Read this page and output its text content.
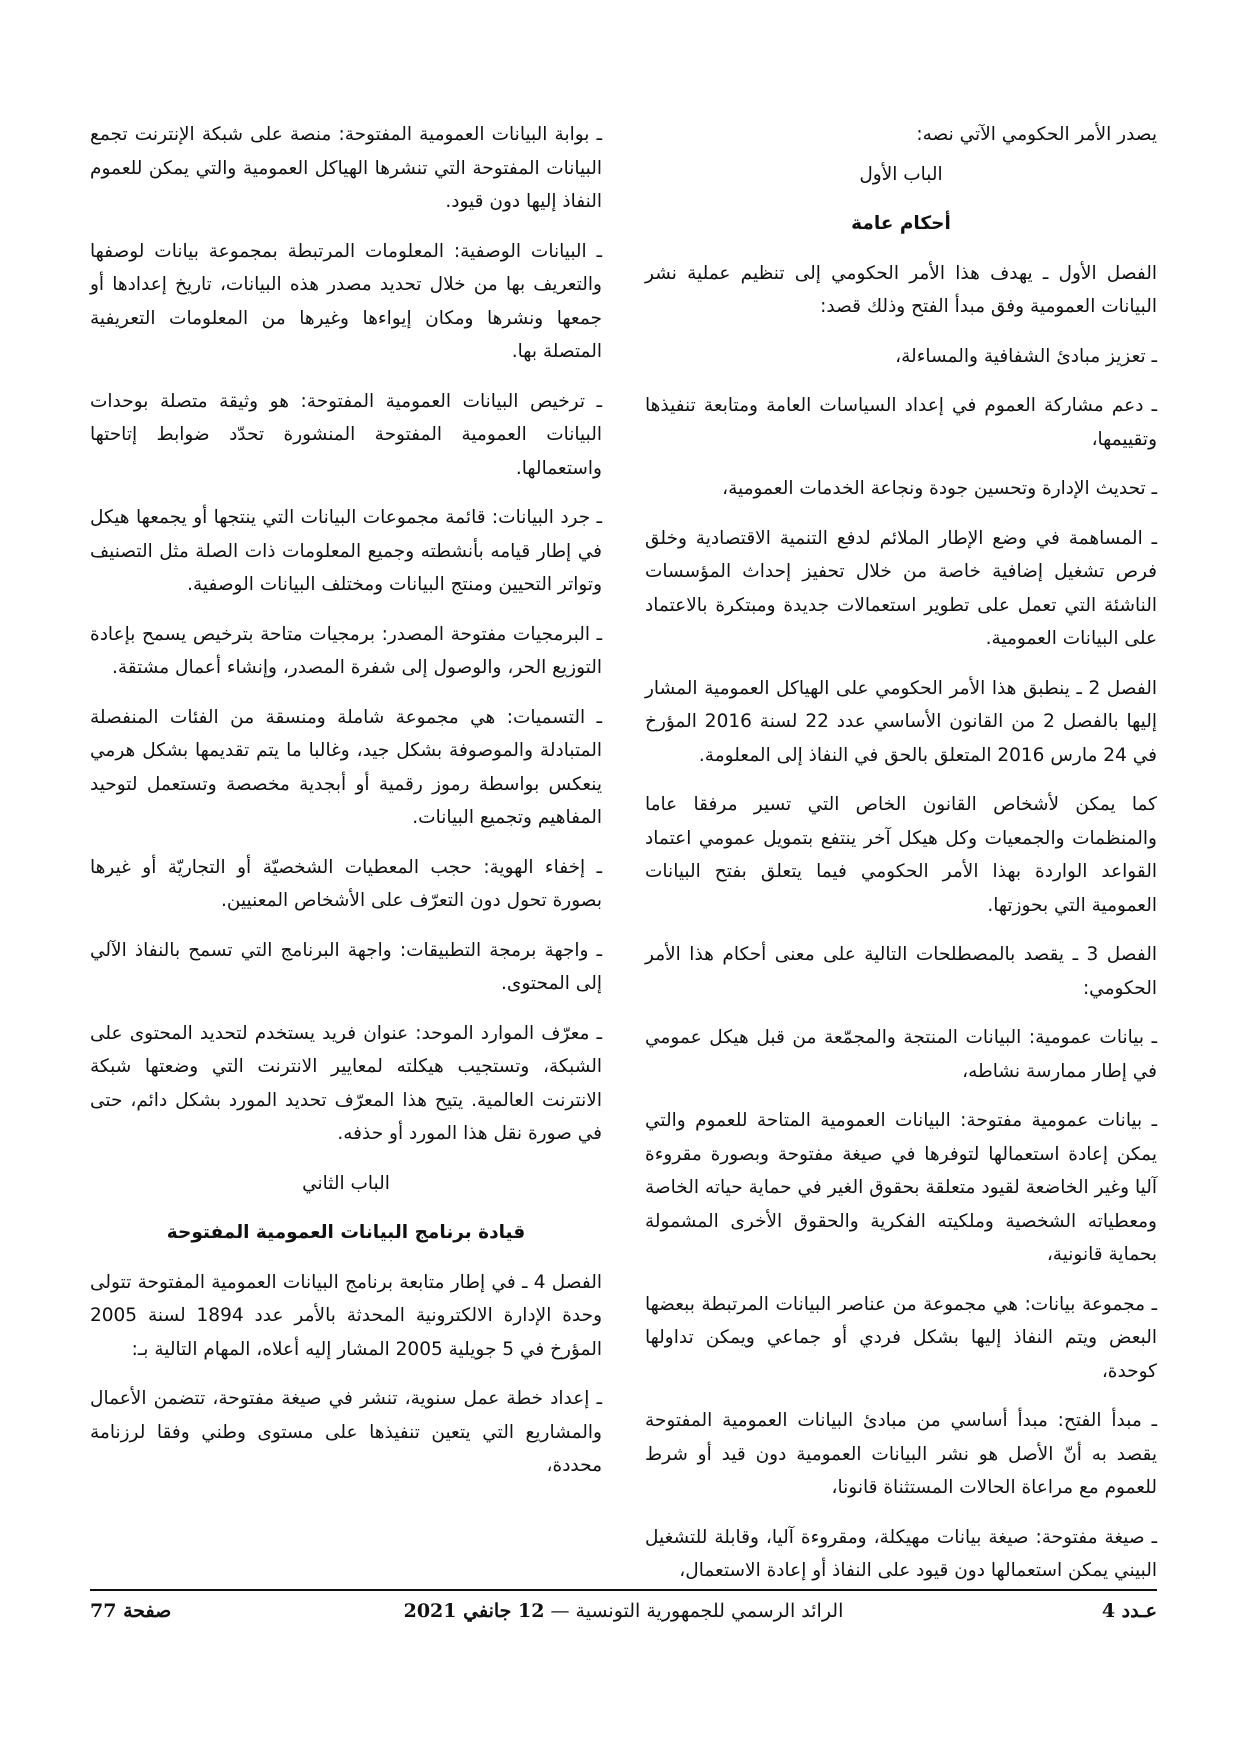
يصدر الأمر الحكومي الآتي نصه:

الباب الأول

أحكام عامة

الفصل الأول ـ يهدف هذا الأمر الحكومي إلى تنظيم عملية نشر البيانات العمومية وفق مبدأ الفتح وذلك قصد:

ـ تعزيز مبادئ الشفافية والمساءلة،

ـ دعم مشاركة العموم في إعداد السياسات العامة ومتابعة تنفيذها وتقييمها،

ـ تحديث الإدارة وتحسين جودة ونجاعة الخدمات العمومية،

ـ المساهمة في وضع الإطار الملائم لدفع التنمية الاقتصادية وخلق فرص تشغيل إضافية خاصة من خلال تحفيز إحداث المؤسسات الناشئة التي تعمل على تطوير استعمالات جديدة ومبتكرة بالاعتماد على البيانات العمومية.

الفصل 2 ـ ينطبق هذا الأمر الحكومي على الهياكل العمومية المشار إليها بالفصل 2 من القانون الأساسي عدد 22 لسنة 2016 المؤرخ في 24 مارس 2016 المتعلق بالحق في النفاذ إلى المعلومة.

كما يمكن لأشخاص القانون الخاص التي تسير مرفقا عاما والمنظمات والجمعيات وكل هيكل آخر ينتفع بتمويل عمومي اعتماد القواعد الواردة بهذا الأمر الحكومي فيما يتعلق بفتح البيانات العمومية التي بحوزتها.

الفصل 3 ـ يقصد بالمصطلحات التالية على معنى أحكام هذا الأمر الحكومي:

ـ بيانات عمومية: البيانات المنتجة والمجمّعة من قبل هيكل عمومي في إطار ممارسة نشاطه،

ـ بيانات عمومية مفتوحة: البيانات العمومية المتاحة للعموم والتي يمكن إعادة استعمالها لتوفرها في صيغة مفتوحة وبصورة مقروءة آليا وغير الخاضعة لقيود متعلقة بحقوق الغير في حماية حياته الخاصة ومعطياته الشخصية وملكيته الفكرية والحقوق الأخرى المشمولة بحماية قانونية،

ـ مجموعة بيانات: هي مجموعة من عناصر البيانات المرتبطة ببعضها البعض ويتم النفاذ إليها بشكل فردي أو جماعي ويمكن تداولها كوحدة،

ـ مبدأ الفتح: مبدأ أساسي من مبادئ البيانات العمومية المفتوحة يقصد به أنّ الأصل هو نشر البيانات العمومية دون قيد أو شرط للعموم مع مراعاة الحالات المستثناة قانونا،

ـ صيغة مفتوحة: صيغة بيانات مهيكلة، ومقروءة آليا، وقابلة للتشغيل البيني يمكن استعمالها دون قيود على النفاذ أو إعادة الاستعمال،

ـ بوابة البيانات العمومية المفتوحة: منصة على شبكة الإنترنت تجمع البيانات المفتوحة التي تنشرها الهياكل العمومية والتي يمكن للعموم النفاذ إليها دون قيود.

ـ البيانات الوصفية: المعلومات المرتبطة بمجموعة بيانات لوصفها والتعريف بها من خلال تحديد مصدر هذه البيانات، تاريخ إعدادها أو جمعها ونشرها ومكان إيواءها وغيرها من المعلومات التعريفية المتصلة بها.

ـ ترخيص البيانات العمومية المفتوحة: هو وثيقة متصلة بوحدات البيانات العمومية المفتوحة المنشورة تحدّد ضوابط إتاحتها واستعمالها.

ـ جرد البيانات: قائمة مجموعات البيانات التي ينتجها أو يجمعها هيكل في إطار قيامه بأنشطته وجميع المعلومات ذات الصلة مثل التصنيف وتواتر التحيين ومنتج البيانات ومختلف البيانات الوصفية.

ـ البرمجيات مفتوحة المصدر: برمجيات متاحة بترخيص يسمح بإعادة التوزيع الحر، والوصول إلى شفرة المصدر، وإنشاء أعمال مشتقة.

ـ التسميات: هي مجموعة شاملة ومنسقة من الفئات المنفصلة المتبادلة والموصوفة بشكل جيد، وغالبا ما يتم تقديمها بشكل هرمي ينعكس بواسطة رموز رقمية أو أبجدية مخصصة وتستعمل لتوحيد المفاهيم وتجميع البيانات.

ـ إخفاء الهوية: حجب المعطيات الشخصيّة أو التجاريّة أو غيرها بصورة تحول دون التعرّف على الأشخاص المعنيين.

ـ واجهة برمجة التطبيقات: واجهة البرنامج التي تسمح بالنفاذ الآلي إلى المحتوى.

ـ معرّف الموارد الموحد: عنوان فريد يستخدم لتحديد المحتوى على الشبكة، وتستجيب هيكلته لمعايير الانترنت التي وضعتها شبكة الانترنت العالمية. يتيح هذا المعرّف تحديد المورد بشكل دائم، حتى في صورة نقل هذا المورد أو حذفه.

الباب الثاني

قيادة برنامج البيانات العمومية المفتوحة

الفصل 4 ـ في إطار متابعة برنامج البيانات العمومية المفتوحة تتولى وحدة الإدارة الالكترونية المحدثة بالأمر عدد 1894 لسنة 2005 المؤرخ في 5 جويلية 2005 المشار إليه أعلاه، المهام التالية بـ:

ـ إعداد خطة عمل سنوية، تنشر في صيغة مفتوحة، تتضمن الأعمال والمشاريع التي يتعين تنفيذها على مستوى وطني وفقا لرزنامة محددة،

عـدد 4
الرائد الرسمي للجمهورية التونسية — 12 جانفي 2021
صفحة 77
